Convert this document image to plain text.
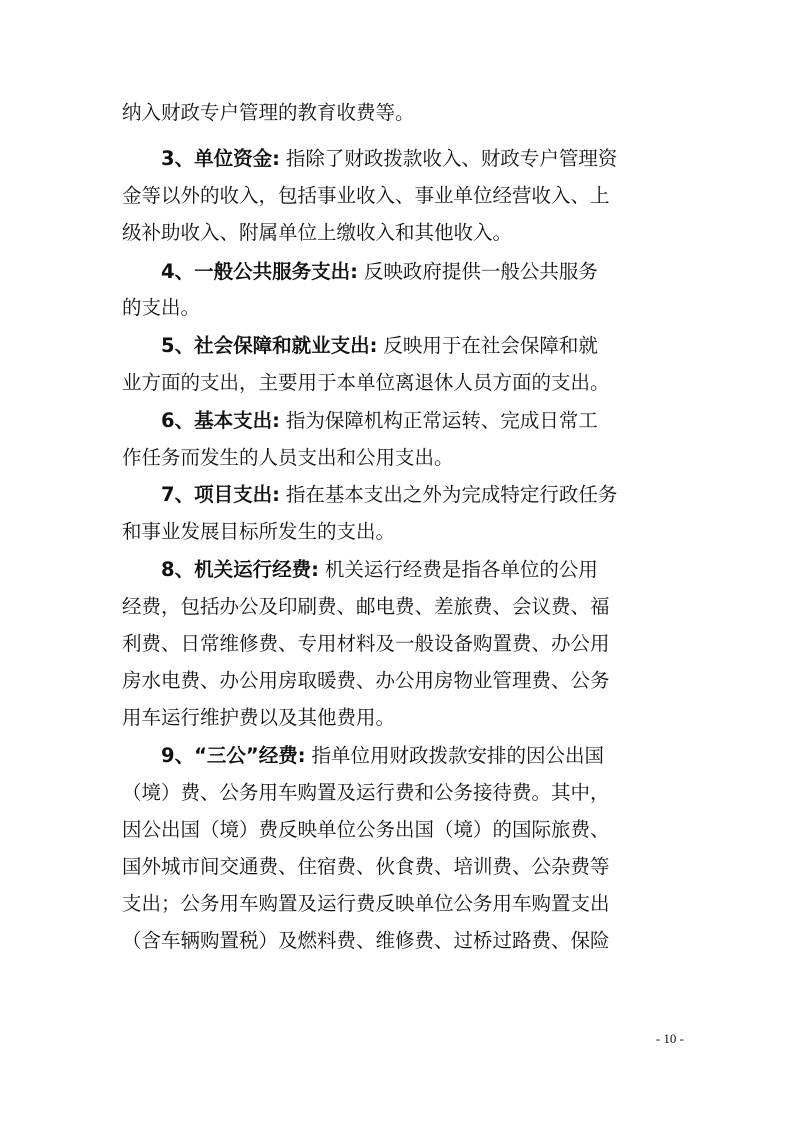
纳入财政专户管理的教育收费等。
3、单位资金: 指除了财政拨款收入、财政专户管理资
金等以外的收入，包括事业收入、事业单位经营收入、上
级补助收入、附属单位上缴收入和其他收入。
4、一般公共服务支出: 反映政府提供一般公共服务
的支出。
5、社会保障和就业支出: 反映用于在社会保障和就
业方面的支出，主要用于本单位离退休人员方面的支出。
6、基本支出: 指为保障机构正常运转、完成日常工
作任务而发生的人员支出和公用支出。
7、项目支出: 指在基本支出之外为完成特定行政任务
和事业发展目标所发生的支出。
8、机关运行经费: 机关运行经费是指各单位的公用
经费，包括办公及印刷费、邮电费、差旅费、会议费、福
利费、日常维修费、专用材料及一般设备购置费、办公用
房水电费、办公用房取暖费、办公用房物业管理费、公务
用车运行维护费以及其他费用。
9、“三公”经费: 指单位用财政拨款安排的因公出国
（境）费、公务用车购置及运行费和公务接待费。其中，
因公出国（境）费反映单位公务出国（境）的国际旅费、
国外城市间交通费、住宿费、伙食费、培训费、公杂费等
支出；公务用车购置及运行费反映单位公务用车购置支出
（含车辆购置税）及燃料费、维修费、过桥过路费、保险
- 10 -
